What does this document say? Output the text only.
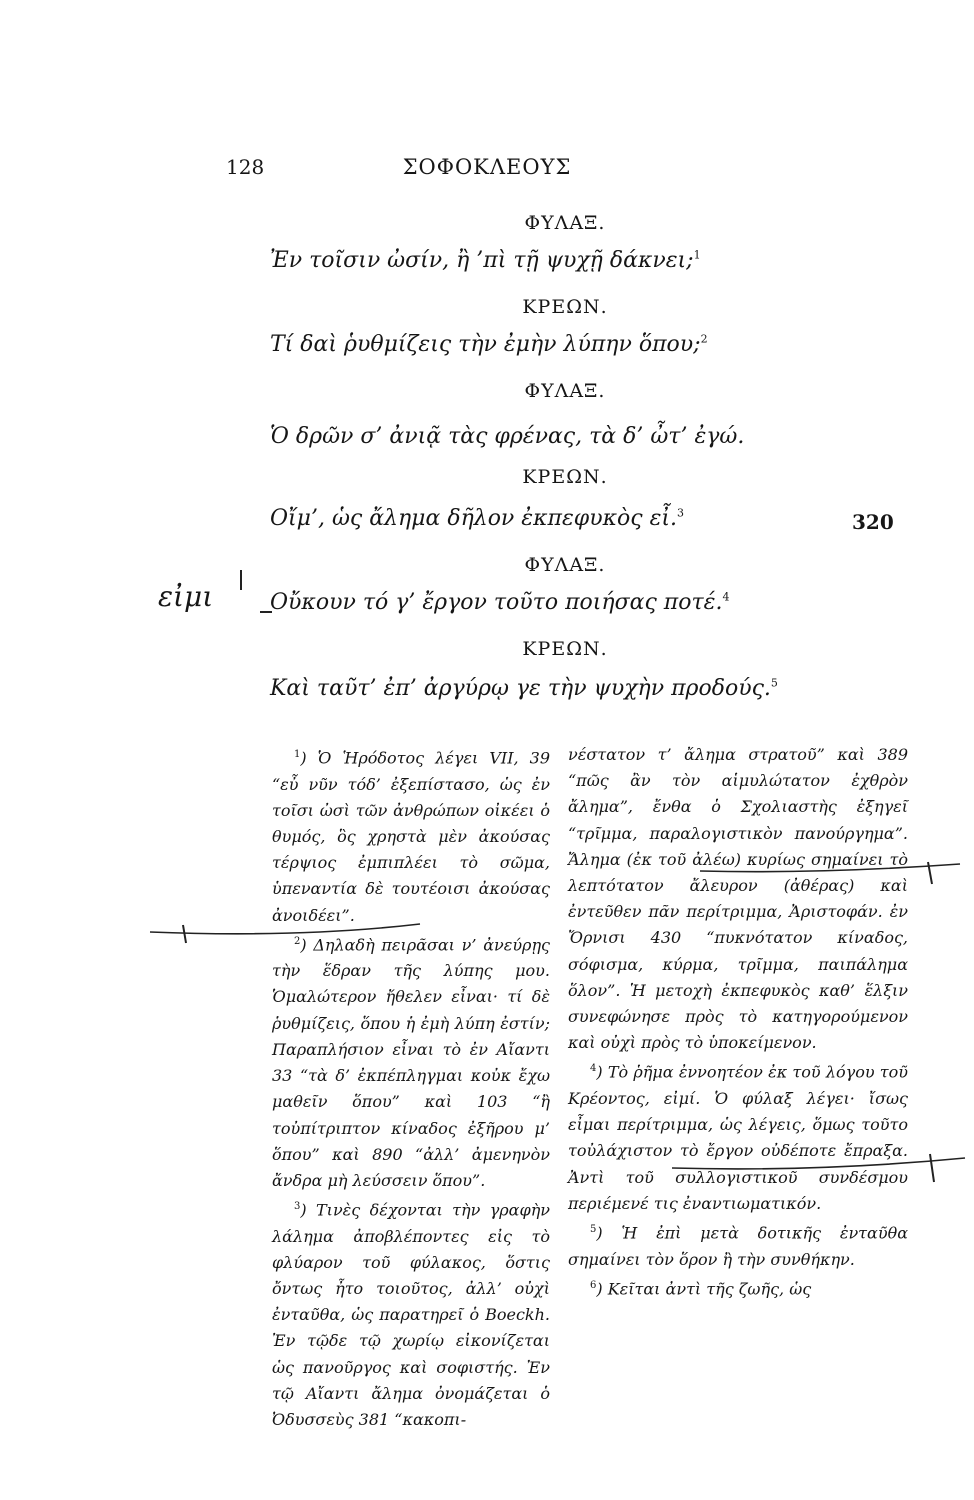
128	ΣΟΦΟΚΛΕΟΥΣ
ΦΥΛΑΞ.
Ἐν τοῖσιν ὠσίν, ἢ ’πὶ τῇ ψυχῇ δάκνει;$^1$
ΚΡΕΩΝ.
Τί δαὶ ῥυθμίζεις τὴν ἐμὴν λύπην ὅπου;$^2$
ΦΥΛΑΞ.
Ὁ δρῶν σ’ ἀνιᾷ τὰς φρένας, τὰ δ’ ὦτ’ ἐγώ.
ΚΡΕΩΝ.
Οἴμ’, ὡς ἄλημα δῆλον ἐκπεφυκὸς εἶ.$^3$	320
ΦΥΛΑΞ.
Οὔκουν τό γ’ ἔργον τοῦτο ποιήσας ποτέ.$^4$
εἰμι
ΚΡΕΩΝ.
Καὶ ταῦτ’ ἐπ’ ἀργύρῳ γε τὴν ψυχὴν προδούς.$^5$

$^1$) Ὁ Ἡρόδοτος λέγει VII, 39 “εὖ νῦν τόδ’ ἐξεπίστασο, ὡς ἐν τοῖσι ὠσὶ τῶν ἀνθρώπων οἰκέει ὁ θυμός, ὃς χρηστὰ μὲν ἀκούσας τέρψιος ἐμπιπλέει τὸ σῶμα, ὑπεναντία δὲ τουτέοισι ἀκούσας ἀνοιδέει”.

$^2$) Δηλαδὴ πειρᾶσαι ν’ ἀνεύρῃς τὴν ἕδραν τῆς λύπης μου. Ὁμαλώτερον ἤθελεν εἶναι· τί δὲ ῥυθμίζεις, ὅπου ἡ ἐμὴ λύπη ἐστίν; Παραπλήσιον εἶναι τὸ ἐν Αἴαντι 33 “τὰ δ’ ἐκπέπληγμαι κοὐκ ἔχω μαθεῖν ὅπου” καὶ 103 “ἢ τοὐπίτριπτον κίναδος ἐξῆρου μ’ ὅπου” καὶ 890 “ἀλλ’ ἀμενηνὸν ἄνδρα μὴ λεύσσειν ὅπου”.

$^3$) Τινὲς δέχονται τὴν γραφὴν λάλημα ἀποβλέποντες εἰς τὸ φλύαρον τοῦ φύλακος, ὅστις ὄντως ἦτο τοιοῦτος, ἀλλ’ οὐχὶ ἐνταῦθα, ὡς παρατηρεῖ ὁ Boeckh. Ἐν τῷδε τῷ χωρίῳ εἰκονίζεται ὡς πανοῦργος καὶ σοφιστής. Ἐν τῷ Αἴαντι ἄλημα ὀνομάζεται ὁ Ὀδυσσεὺς 381 “κακοπι-

νέστατον τ’ ἄλημα στρατοῦ” καὶ 389 “πῶς ἂν τὸν αἱμυλώτατον ἐχθρὸν ἄλημα”, ἔνθα ὁ Σχολιαστὴς ἐξηγεῖ “τρῖμμα, παραλογιστικὸν πανούργημα”. Ἄλημα (ἐκ τοῦ ἀλέω) κυρίως σημαίνει τὸ λεπτότατον ἄλευρον (ἀθέρας) καὶ ἐντεῦθεν πᾶν περίτριμμα, Ἀριστοφάν. ἐν Ὄρνισι 430 “πυκνότατον κίναδος, σόφισμα, κύρμα, τρῖμμα, παιπάλημα ὅλον”. Ἡ μετοχὴ ἐκπεφυκὸς καθ’ ἕλξιν συνεφώνησε πρὸς τὸ κατηγορούμενον καὶ οὐχὶ πρὸς τὸ ὑποκείμενον.

$^4$) Τὸ ῥῆμα ἐννοητέον ἐκ τοῦ λόγου τοῦ Κρέοντος, εἰμί. Ὁ φύλαξ λέγει· ἴσως εἶμαι περίτριμμα, ὡς λέγεις, ὅμως τοῦτο τοὐλάχιστον τὸ ἔργον οὐδέποτε ἔπραξα. Ἀντὶ τοῦ συλλογιστικοῦ συνδέσμου περιέμενέ τις ἐναντιωματικόν.

$^5$) Ἡ ἐπὶ μετὰ δοτικῆς ἐνταῦθα σημαίνει τὸν ὅρον ἢ τὴν συνθήκην.

$^6$) Κεῖται ἀντὶ τῆς ζωῆς, ὡς
